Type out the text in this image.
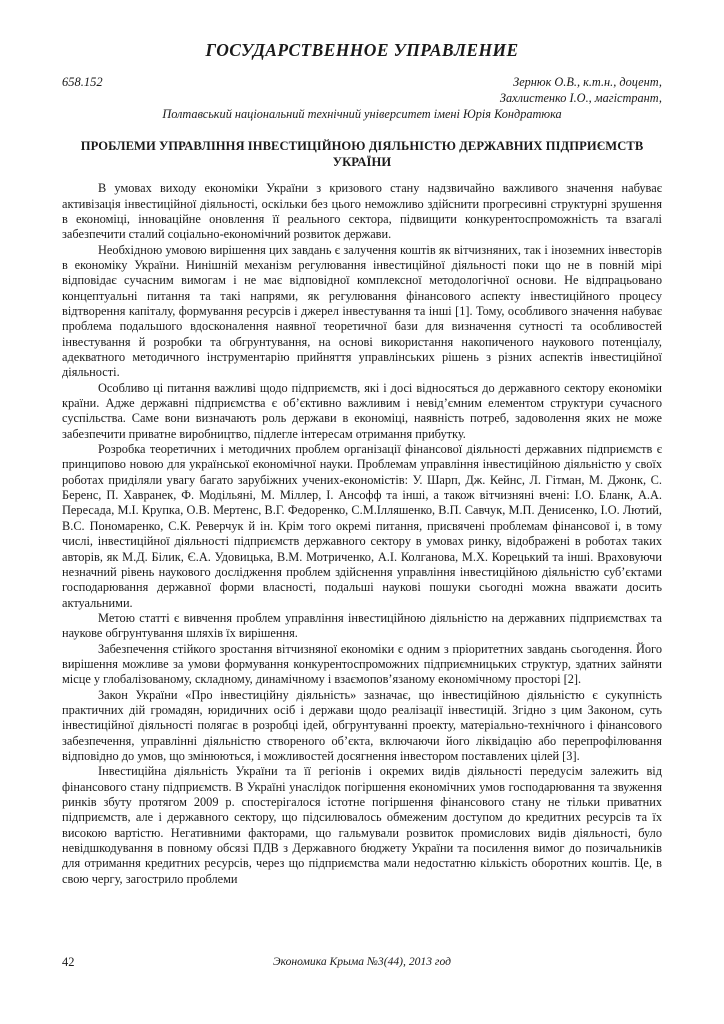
ГОСУДАРСТВЕННОЕ УПРАВЛЕНИЕ
658.152	Зернюк О.В., к.т.н., доцент,
Захлистенко І.О., магістрант,
Полтавський національний технічний університет імені Юрія Кондратюка
ПРОБЛЕМИ УПРАВЛІННЯ ІНВЕСТИЦІЙНОЮ ДІЯЛЬНІСТЮ ДЕРЖАВНИХ ПІДПРИЄМСТВ УКРАЇНИ

В умовах виходу економіки України з кризового стану надзвичайно важливого значення набуває активізація інвестиційної діяльності, оскільки без цього неможливо здійснити прогресивні структурні зрушення в економіці, інноваційне оновлення її реального сектора, підвищити конкурентоспроможність та взагалі забезпечити сталий соціально-економічний розвиток держави.

Необхідною умовою вирішення цих завдань є залучення коштів як вітчизняних, так і іноземних інвесторів в економіку України. Нинішній механізм регулювання інвестиційної діяльності поки що не в повній мірі відповідає сучасним вимогам і не має відповідної комплексної методологічної основи. Не відпрацьовано концептуальні питання та такі напрями, як регулювання фінансового аспекту інвестиційного процесу відтворення капіталу, формування ресурсів і джерел інвестування та інші [1]. Тому, особливого значення набуває проблема подальшого вдосконалення наявної теоретичної бази для визначення сутності та особливостей інвестування й розробки та обгрунтування, на основі використання накопиченого наукового потенціалу, адекватного методичного інструментарію прийняття управлінських рішень з різних аспектів інвестиційної діяльності.

Особливо ці питання важливі щодо підприємств, які і досі відносяться до державного сектору економіки країни. Адже державні підприємства є об’єктивно важливим і невід’ємним елементом структури сучасного суспільства. Саме вони визначають роль держави в економіці, наявність потреб, задоволення яких не може забезпечити приватне виробництво, підлегле інтересам отримання прибутку.

Розробка теоретичних і методичних проблем організації фінансової діяльності державних підприємств є принципово новою для української економічної науки. Проблемам управління інвестиційною діяльністю у своїх роботах приділяли увагу багато зарубіжних учених-економістів: У. Шарп, Дж. Кейнс, Л. Гітман, М. Джонк, С. Беренс, П. Хавранек, Ф. Модільяні, М. Міллер, І. Ансофф та інші, а також вітчизняні вчені: І.О. Бланк, А.А. Пересада, М.І. Крупка, О.В. Мертенс, В.Г. Федоренко, С.М.Ілляшенко, В.П. Савчук, М.П. Денисенко, І.О. Лютий, В.С. Пономаренко, С.К. Реверчук й ін. Крім того окремі питання, присвячені проблемам фінансової і, в тому числі, інвестиційної діяльності підприємств державного сектору в умовах ринку, відображені в роботах таких авторів, як М.Д. Білик, Є.А. Удовицька, В.М. Мотриченко, А.І. Колганова, М.Х. Корецький та інші. Враховуючи незначний рівень наукового дослідження проблем здійснення управління інвестиційною діяльністю суб’єктами господарювання державної форми власності, подальші наукові пошуки сьогодні можна вважати досить актуальними.

Метою статті є вивчення проблем управління інвестиційною діяльністю на державних підприємствах та наукове обгрунтування шляхів їх вирішення.

Забезпечення стійкого зростання вітчизняної економіки є одним з пріоритетних завдань сьогодення. Його вирішення можливе за умови формування конкурентоспроможних підприємницьких структур, здатних зайняти місце у глобалізованому, складному, динамічному і взаємопов’язаному економічному просторі [2].

Закон України «Про інвестиційну діяльність» зазначає, що інвестиційною діяльністю є сукупність практичних дій громадян, юридичних осіб і держави щодо реалізації інвестицій. Згідно з цим Законом, суть інвестиційної діяльності полягає в розробці ідей, обгрунтуванні проекту, матеріально-технічного і фінансового забезпечення, управлінні діяльністю створеного об’єкта, включаючи його ліквідацію або перепрофілювання відповідно до умов, що змінюються, і можливостей досягнення інвестором поставлених цілей [3].

Інвестиційна діяльність України та її регіонів і окремих видів діяльності передусім залежить від фінансового стану підприємств. В Україні унаслідок погіршення економічних умов господарювання та звуження ринків збуту протягом 2009 р. спостерігалося істотне погіршення фінансового стану не тільки приватних підприємств, але і державного сектору, що підсилювалось обмеженим доступом до кредитних ресурсів та їх високою вартістю. Негативними факторами, що гальмували розвиток промислових видів діяльності, було невідшкодування в повному обсязі ПДВ з Державного бюджету України та посилення вимог до позичальників для отримання кредитних ресурсів, через що підприємства мали недостатню кількість оборотних коштів. Це, в свою чергу, загострило проблеми

42	Экономика Крыма №3(44), 2013 год
